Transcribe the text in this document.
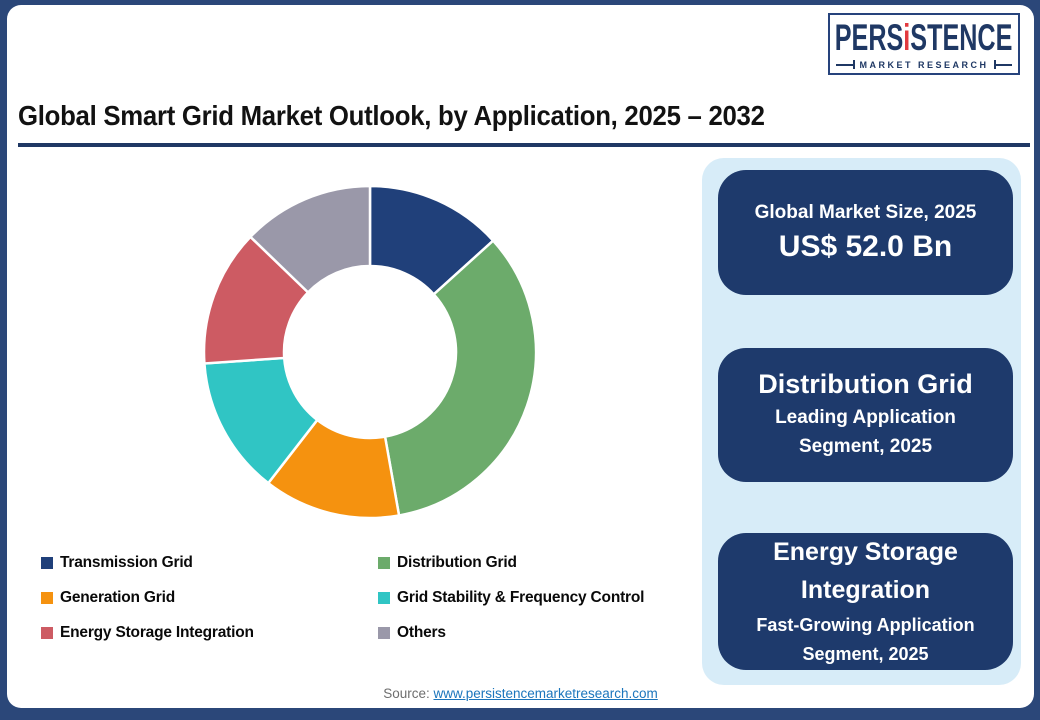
PERSiSTENCE
MARKET RESEARCH
Global Smart Grid Market Outlook, by Application, 2025 – 2032
Transmission Grid	Distribution Grid
Generation Grid	Grid Stability & Frequency Control
Energy Storage Integration	Others
Global Market Size, 2025
US$ 52.0 Bn
Distribution Grid
Leading Application Segment, 2025
Energy Storage Integration
Fast-Growing Application Segment, 2025
Source: www.persistencemarketresearch.com
